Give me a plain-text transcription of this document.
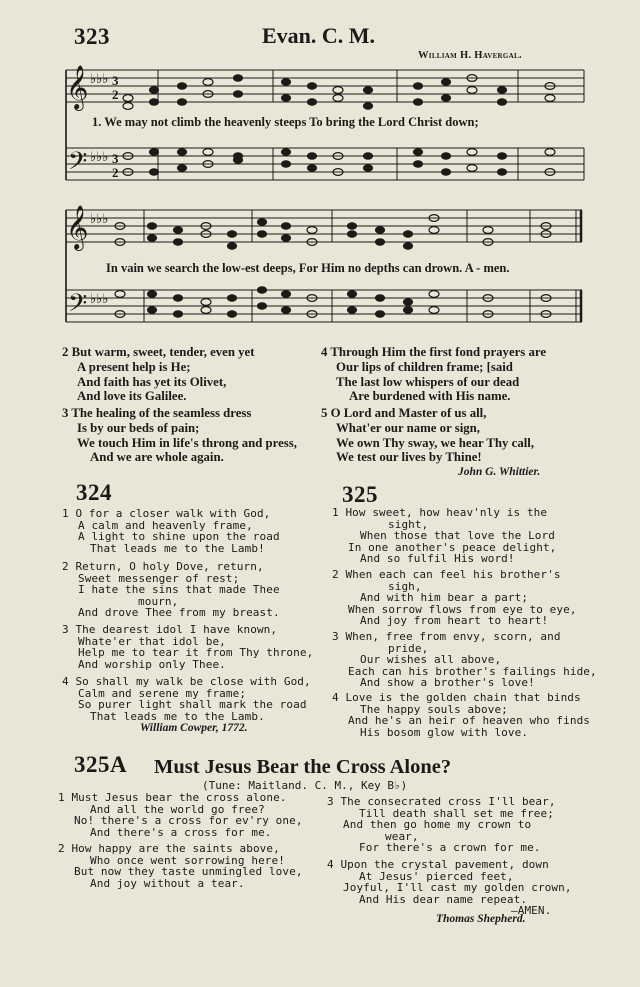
323	Evan. C. M.
William H. Havergal.
𝄞
𝄢
♭♭♭
♭♭♭
3
2
3
2
1. We may not climb the heavenly steeps To bring the Lord Christ down;
𝄞
𝄢
♭♭♭
♭♭♭
In vain we search the low-est deeps, For Him no depths can drown. A - men.
2 But warm, sweet, tender, even yet
A present help is He;
And faith has yet its Olivet,
And love its Galilee.
3 The healing of the seamless dress
Is by our beds of pain;
We touch Him in life's throng and press,
And we are whole again.
4 Through Him the first fond prayers are
Our lips of children frame; [said
The last low whispers of our dead
Are burdened with His name.
5 O Lord and Master of us all,
What'er our name or sign,
We own Thy sway, we hear Thy call,
We test our lives by Thine!
John G. Whittier.
324
1 O for a closer walk with God,
A calm and heavenly frame,
A light to shine upon the road
That leads me to the Lamb!
2 Return, O holy Dove, return,
Sweet messenger of rest;
I hate the sins that made Thee
mourn,
And drove Thee from my breast.
3 The dearest idol I have known,
Whate'er that idol be,
Help me to tear it from Thy throne,
And worship only Thee.
4 So shall my walk be close with God,
Calm and serene my frame;
So purer light shall mark the road
That leads me to the Lamb.
William Cowper, 1772.
325
1 How sweet, how heav'nly is the
sight,
When those that love the Lord
In one another's peace delight,
And so fulfil His word!
2 When each can feel his brother's
sigh,
And with him bear a part;
When sorrow flows from eye to eye,
And joy from heart to heart!
3 When, free from envy, scorn, and
pride,
Our wishes all above,
Each can his brother's failings hide,
And show a brother's love!
4 Love is the golden chain that binds
The happy souls above;
And he's an heir of heaven who finds
His bosom glow with love.
325A Must Jesus Bear the Cross Alone?
(Tune: Maitland. C. M., Key B♭)
1 Must Jesus bear the cross alone.
And all the world go free?
No! there's a cross for ev'ry one,
And there's a cross for me.
2 How happy are the saints above,
Who once went sorrowing here!
But now they taste unmingled love,
And joy without a tear.
3 The consecrated cross I'll bear,
Till death shall set me free;
And then go home my crown to
wear,
For there's a crown for me.
4 Upon the crystal pavement, down
At Jesus' pierced feet,
Joyful, I'll cast my golden crown,
And His dear name repeat.
—AMEN.
Thomas Shepherd.
